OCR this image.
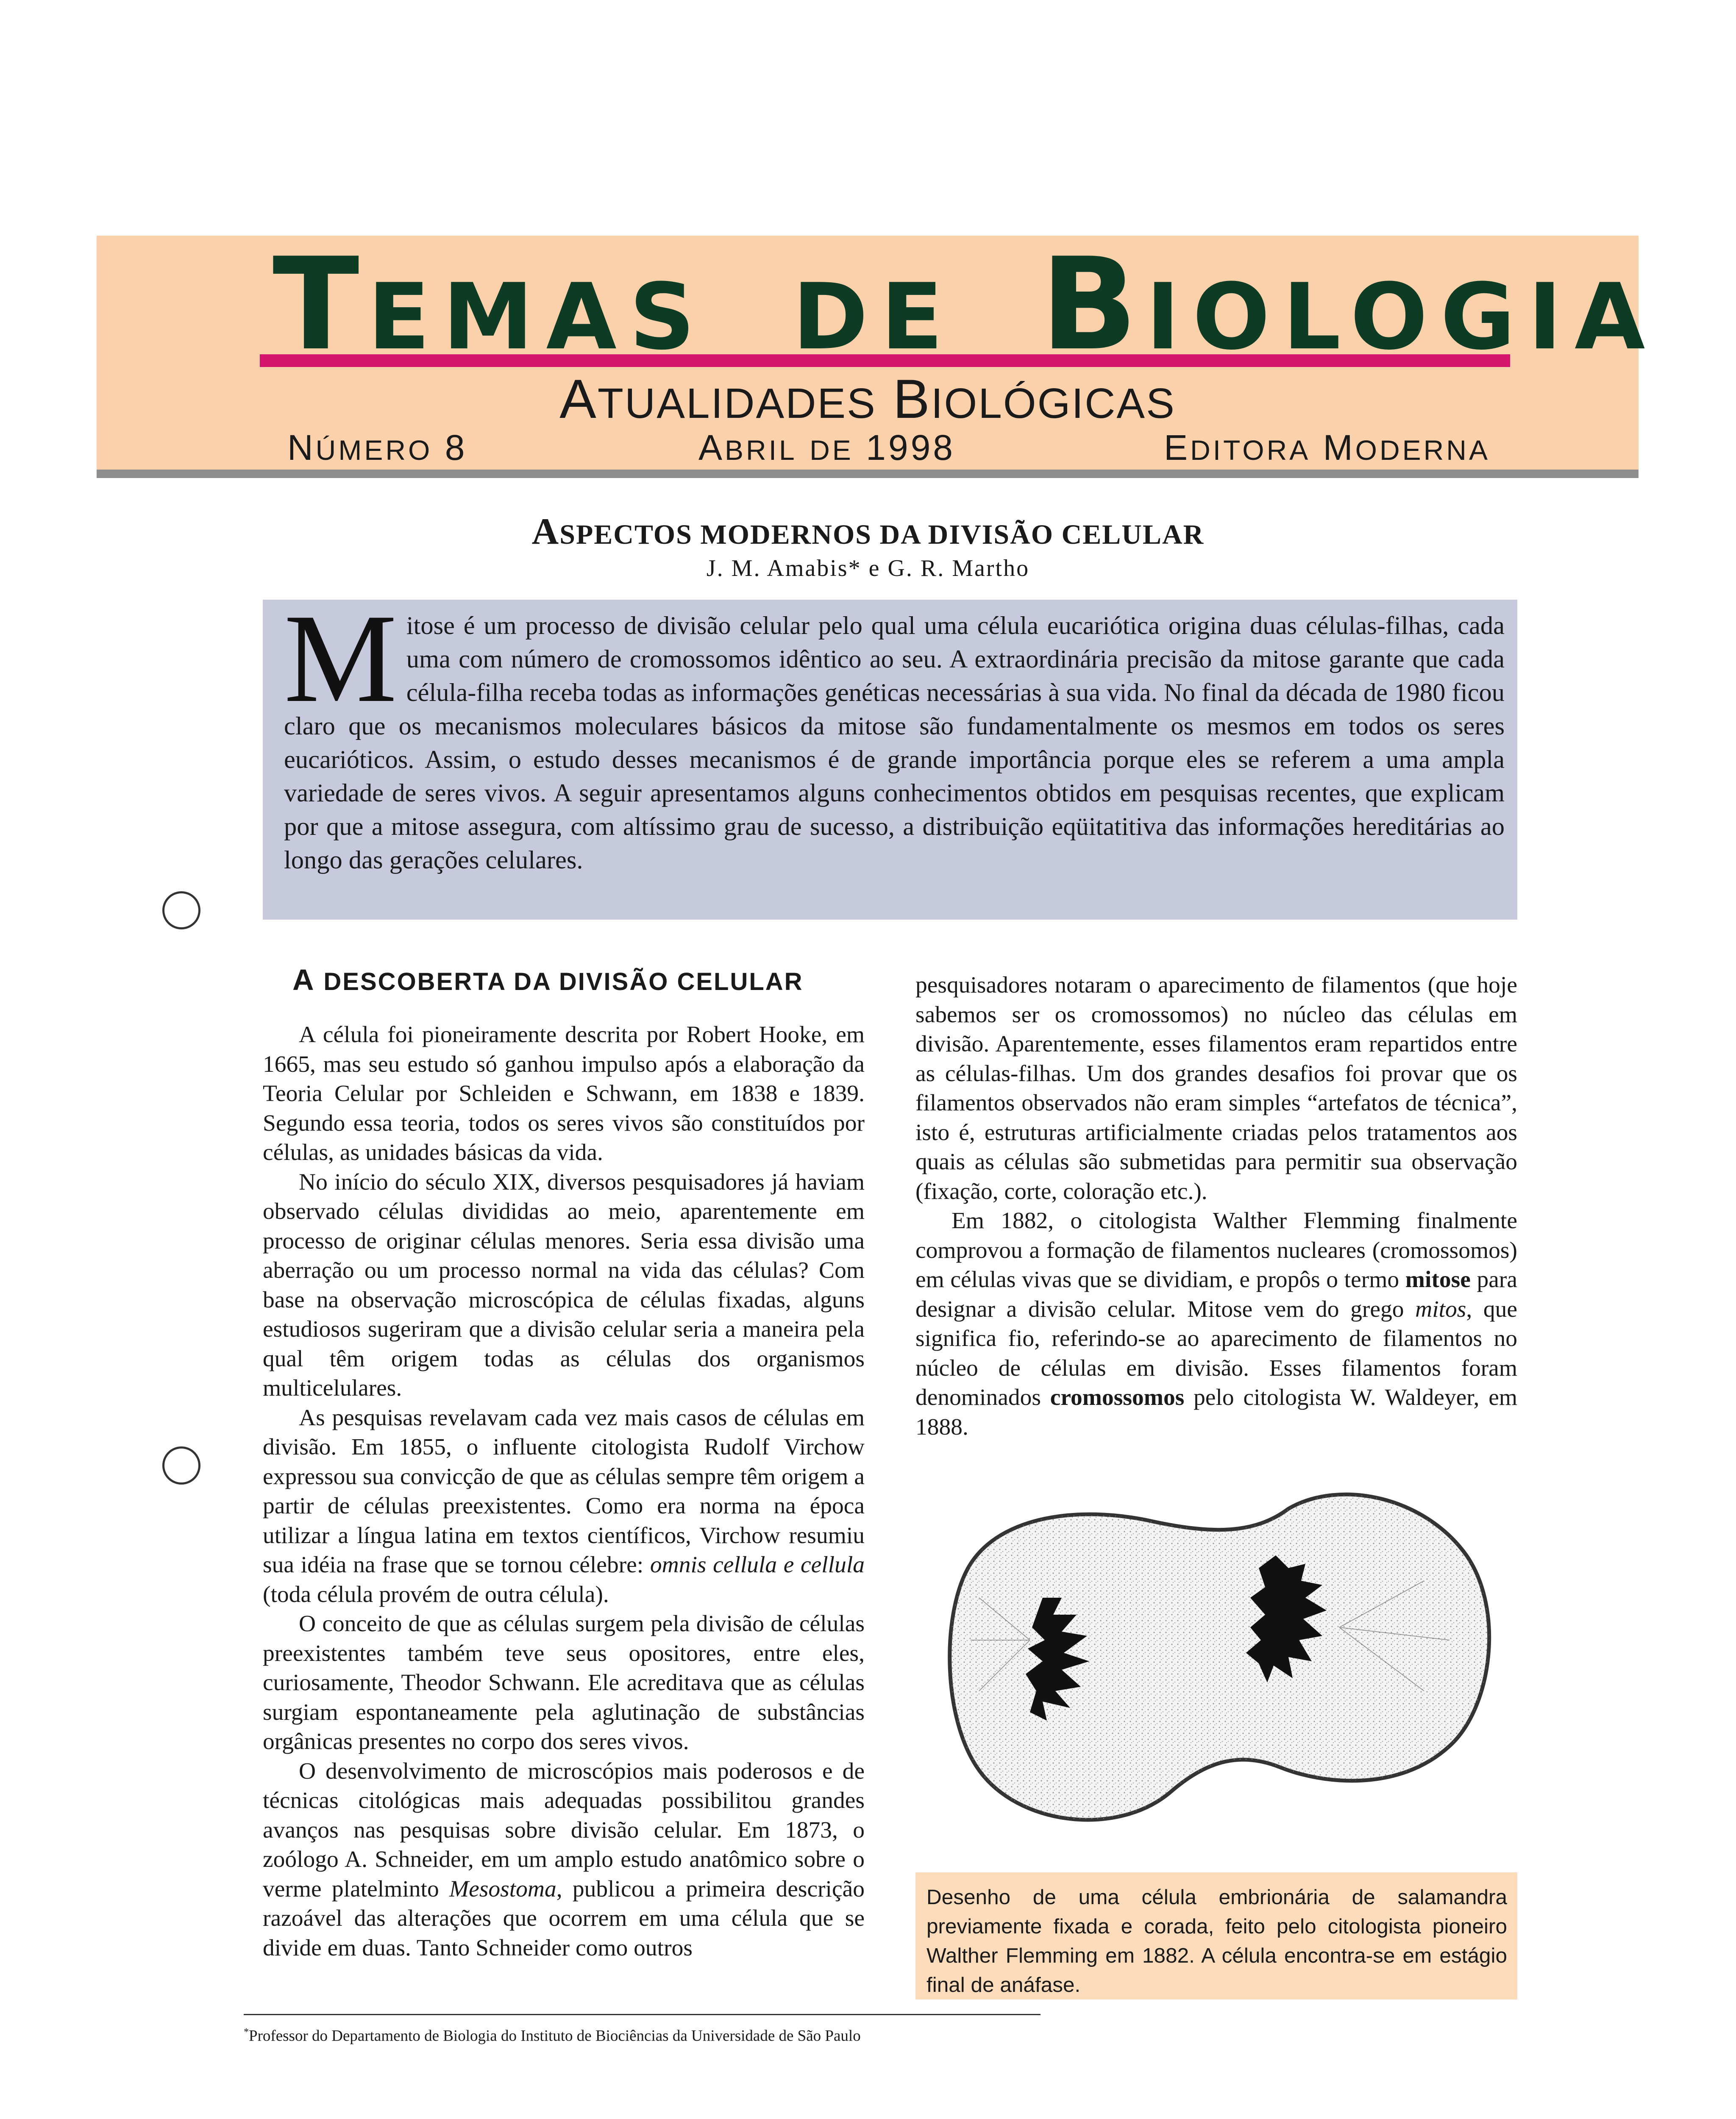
TEMAS DE BIOLOGIA
ATUALIDADES BIOLÓGICAS
NÚMERO 8	ABRIL DE 1998	EDITORA MODERNA
ASPECTOS MODERNOS DA DIVISÃO CELULAR
J. M. Amabis* e G. R. Martho
Mitose é um processo de divisão celular pelo qual uma célula eucariótica origina duas células-filhas, cada uma com número de cromossomos idêntico ao seu. A extraordinária precisão da mitose garante que cada célula-filha receba todas as informações genéticas necessárias à sua vida. No final da década de 1980 ficou claro que os mecanismos moleculares básicos da mitose são fundamentalmente os mesmos em todos os seres eucarióticos. Assim, o estudo desses mecanismos é de grande importância porque eles se referem a uma ampla variedade de seres vivos. A seguir apresentamos alguns conhecimentos obtidos em pesquisas recentes, que explicam por que a mitose assegura, com altíssimo grau de sucesso, a distribuição eqüitatitiva das informações hereditárias ao longo das gerações celulares.
A DESCOBERTA DA DIVISÃO CELULAR

A célula foi pioneiramente descrita por Robert Hooke, em 1665, mas seu estudo só ganhou impulso após a elaboração da Teoria Celular por Schleiden e Schwann, em 1838 e 1839. Segundo essa teoria, todos os seres vivos são constituídos por células, as unidades básicas da vida.

No início do século XIX, diversos pesquisadores já haviam observado células divididas ao meio, aparentemente em processo de originar células menores. Seria essa divisão uma aberração ou um processo normal na vida das células? Com base na observação microscópica de células fixadas, alguns estudiosos sugeriram que a divisão celular seria a maneira pela qual têm origem todas as células dos organismos multicelulares.

As pesquisas revelavam cada vez mais casos de células em divisão. Em 1855, o influente citologista Rudolf Virchow expressou sua convicção de que as células sempre têm origem a partir de células preexistentes. Como era norma na época utilizar a língua latina em textos científicos, Virchow resumiu sua idéia na frase que se tornou célebre: omnis cellula e cellula (toda célula provém de outra célula).

O conceito de que as células surgem pela divisão de células preexistentes também teve seus opositores, entre eles, curiosamente, Theodor Schwann. Ele acreditava que as células surgiam espontaneamente pela aglutinação de substâncias orgânicas presentes no corpo dos seres vivos.

O desenvolvimento de microscópios mais poderosos e de técnicas citológicas mais adequadas possibilitou grandes avanços nas pesquisas sobre divisão celular. Em 1873, o zoólogo A. Schneider, em um amplo estudo anatômico sobre o verme platelminto Mesostoma, publicou a primeira descrição razoável das alterações que ocorrem em uma célula que se divide em duas. Tanto Schneider como outros

pesquisadores notaram o aparecimento de filamentos (que hoje sabemos ser os cromossomos) no núcleo das células em divisão. Aparentemente, esses filamentos eram repartidos entre as células-filhas. Um dos grandes desafios foi provar que os filamentos observados não eram simples “artefatos de técnica”, isto é, estruturas artificialmente criadas pelos tratamentos aos quais as células são submetidas para permitir sua observação (fixação, corte, coloração etc.).

Em 1882, o citologista Walther Flemming finalmente comprovou a formação de filamentos nucleares (cromossomos) em células vivas que se dividiam, e propôs o termo mitose para designar a divisão celular. Mitose vem do grego mitos, que significa fio, referindo-se ao aparecimento de filamentos no núcleo de células em divisão. Esses filamentos foram denominados cromossomos pelo citologista W. Waldeyer, em 1888.

Desenho de uma célula embrionária de salamandra previamente fixada e corada, feito pelo citologista pioneiro Walther Flemming em 1882. A célula encontra-se em estágio final de anáfase.
*Professor do Departamento de Biologia do Instituto de Biociências da Universidade de São Paulo
